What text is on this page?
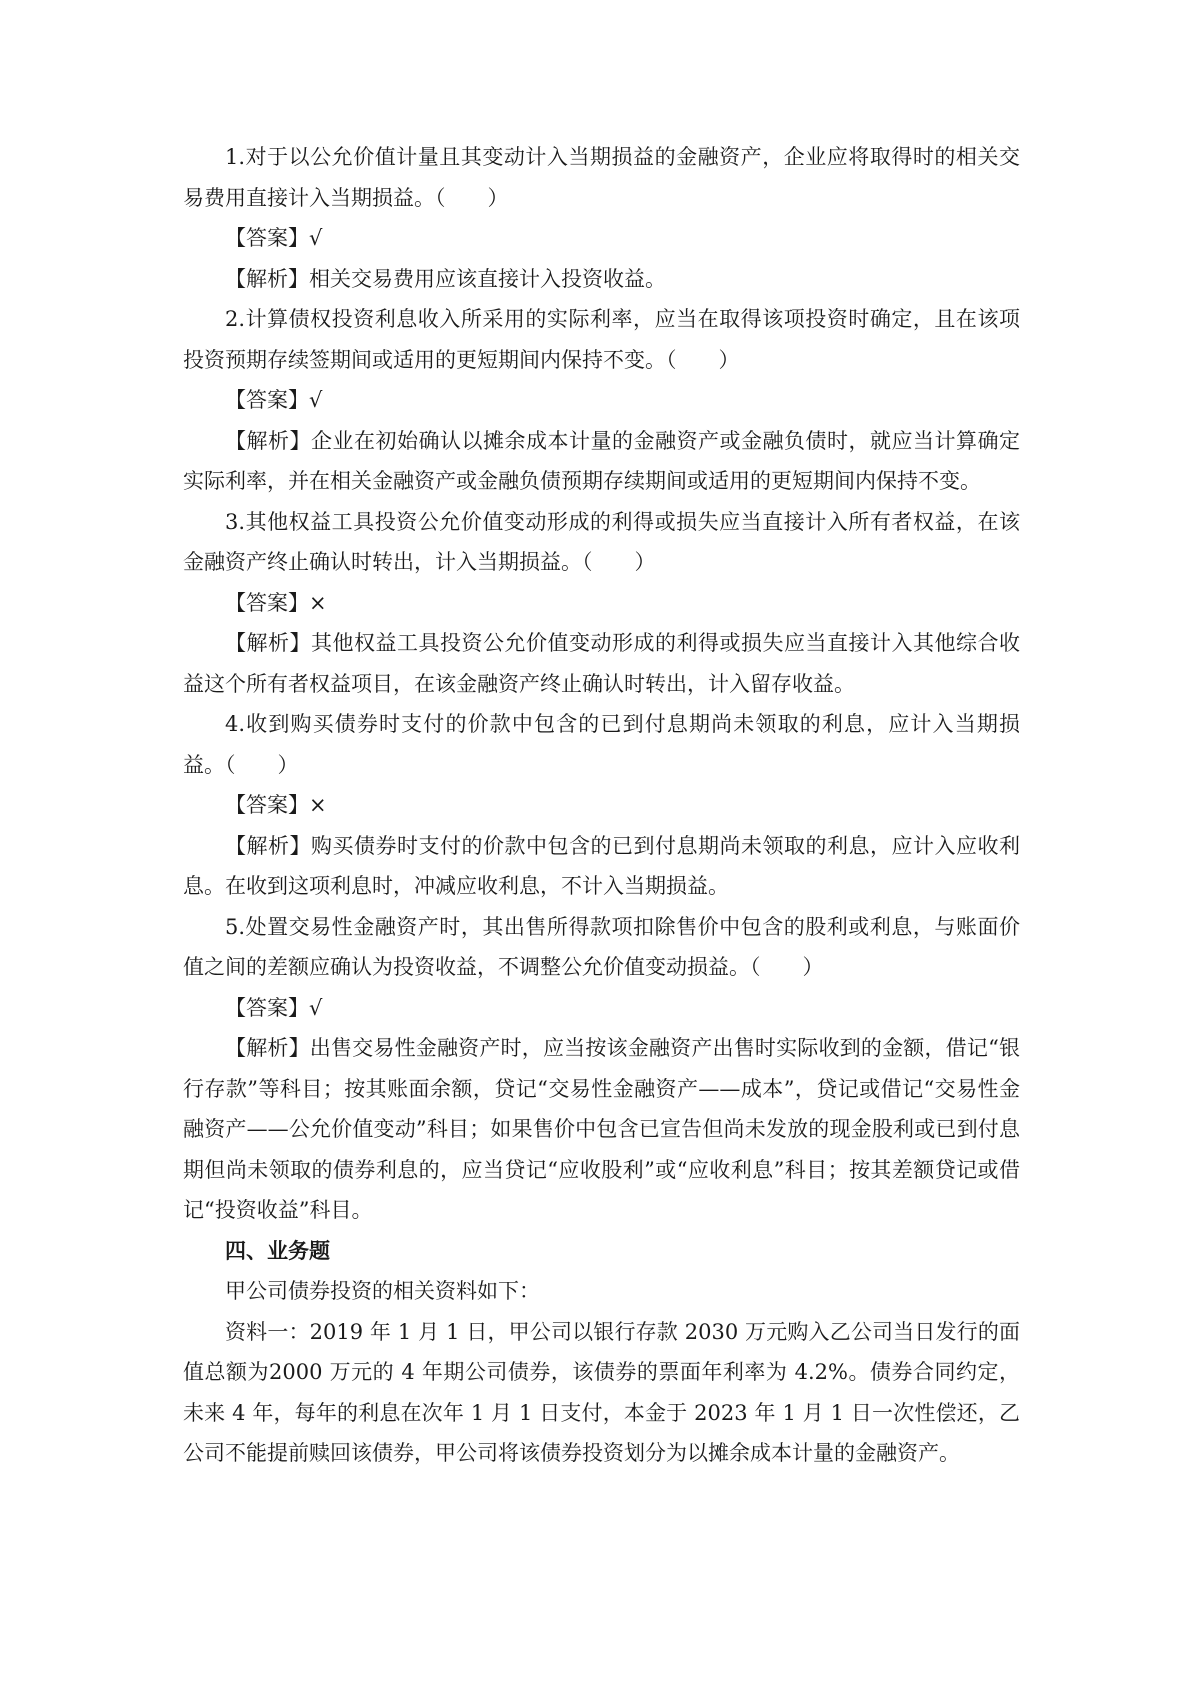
1.对于以公允价值计量且其变动计入当期损益的金融资产，企业应将取得时的相关交易费用直接计入当期损益。（　　）

【答案】√

【解析】相关交易费用应该直接计入投资收益。

2.计算债权投资利息收入所采用的实际利率，应当在取得该项投资时确定，且在该项投资预期存续签期间或适用的更短期间内保持不变。（　　）

【答案】√

【解析】企业在初始确认以摊余成本计量的金融资产或金融负债时，就应当计算确定实际利率，并在相关金融资产或金融负债预期存续期间或适用的更短期间内保持不变。

3.其他权益工具投资公允价值变动形成的利得或损失应当直接计入所有者权益，在该金融资产终止确认时转出，计入当期损益。（　　）

【答案】×

【解析】其他权益工具投资公允价值变动形成的利得或损失应当直接计入其他综合收益这个所有者权益项目，在该金融资产终止确认时转出，计入留存收益。

4.收到购买债券时支付的价款中包含的已到付息期尚未领取的利息，应计入当期损益。（　　）

【答案】×

【解析】购买债券时支付的价款中包含的已到付息期尚未领取的利息，应计入应收利息。在收到这项利息时，冲减应收利息，不计入当期损益。

5.处置交易性金融资产时，其出售所得款项扣除售价中包含的股利或利息，与账面价值之间的差额应确认为投资收益，不调整公允价值变动损益。（　　）

【答案】√

【解析】出售交易性金融资产时，应当按该金融资产出售时实际收到的金额，借记“银行存款”等科目；按其账面余额，贷记“交易性金融资产——成本”，贷记或借记“交易性金融资产——公允价值变动”科目；如果售价中包含已宣告但尚未发放的现金股利或已到付息期但尚未领取的债券利息的，应当贷记“应收股利”或“应收利息”科目；按其差额贷记或借记“投资收益”科目。

四、业务题

甲公司债券投资的相关资料如下：

资料一：2019 年 1 月 1 日，甲公司以银行存款 2030 万元购入乙公司当日发行的面值总额为2000 万元的 4 年期公司债券，该债券的票面年利率为 4.2%。债券合同约定，未来 4 年，每年的利息在次年 1 月 1 日支付，本金于 2023 年 1 月 1 日一次性偿还，乙公司不能提前赎回该债券，甲公司将该债券投资划分为以摊余成本计量的金融资产。
